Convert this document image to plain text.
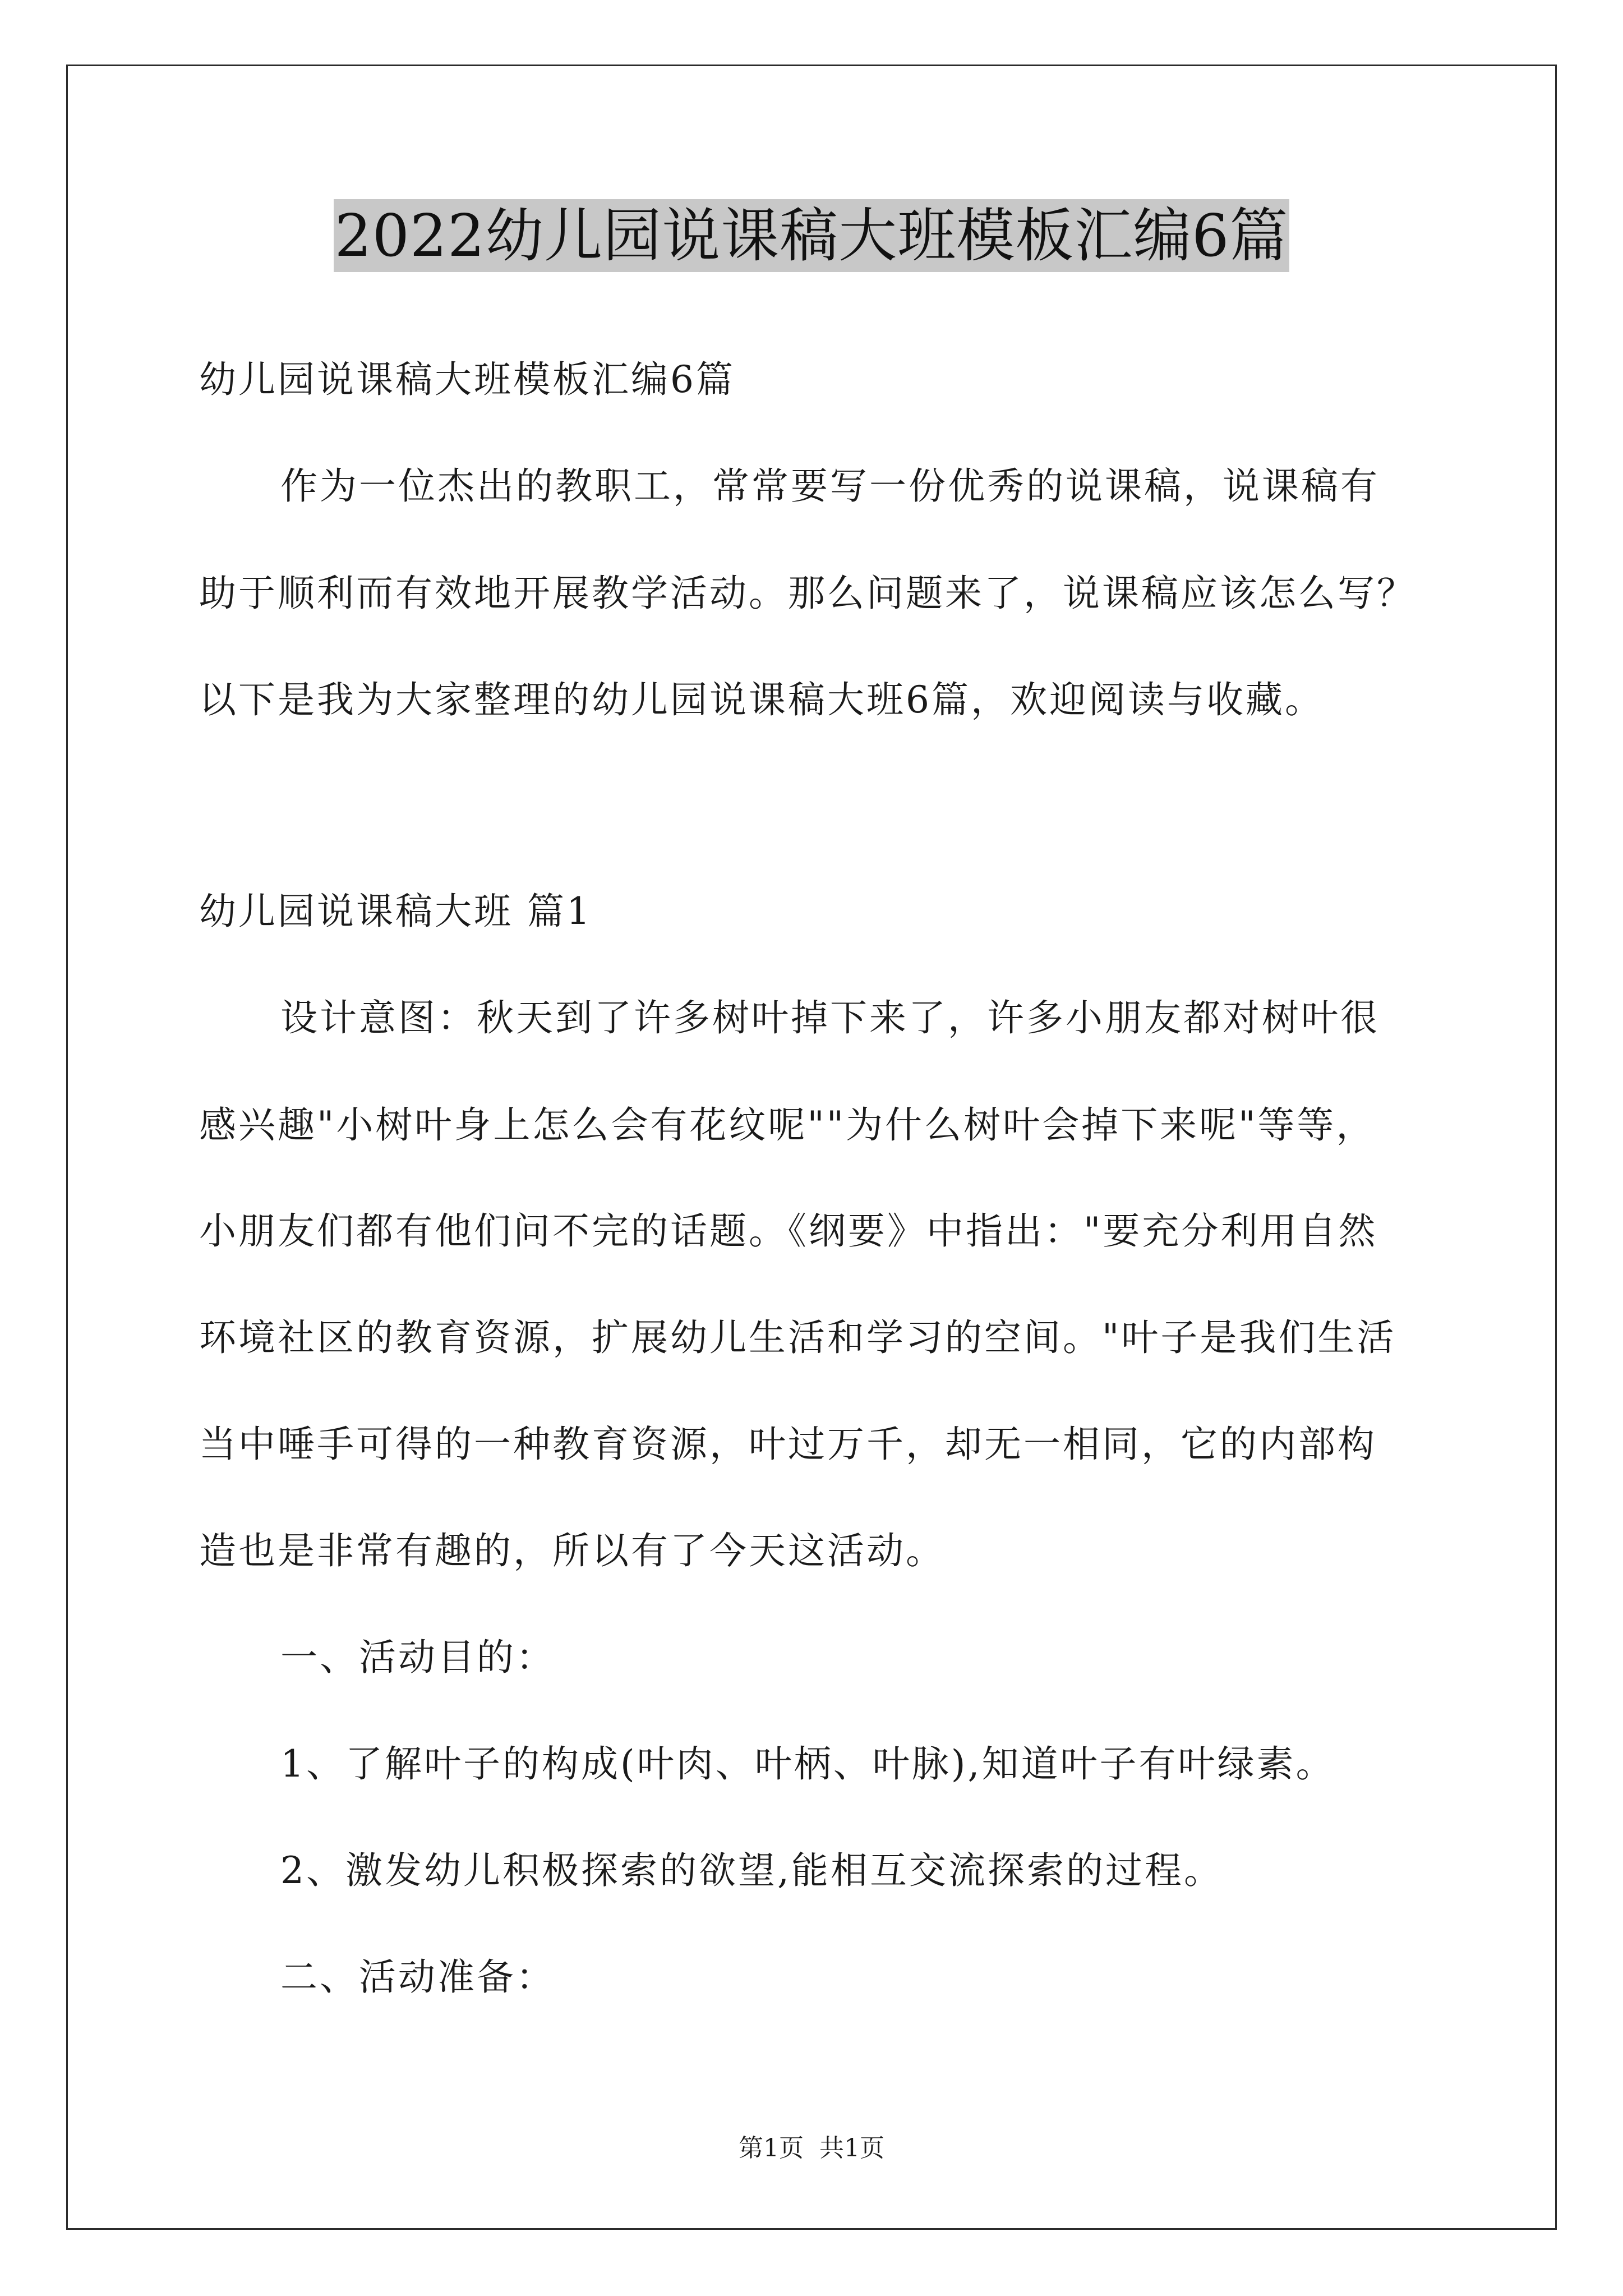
2022幼儿园说课稿大班模板汇编6篇
幼儿园说课稿大班模板汇编6篇
作为一位杰出的教职工，常常要写一份优秀的说课稿，说课稿有
助于顺利而有效地开展教学活动。那么问题来了，说课稿应该怎么写？
以下是我为大家整理的幼儿园说课稿大班6篇，欢迎阅读与收藏。
幼儿园说课稿大班 篇1
设计意图：秋天到了许多树叶掉下来了，许多小朋友都对树叶很
感兴趣"小树叶身上怎么会有花纹呢""为什么树叶会掉下来呢"等等，
小朋友们都有他们问不完的话题。《纲要》中指出："要充分利用自然
环境社区的教育资源，扩展幼儿生活和学习的空间。"叶子是我们生活
当中唾手可得的一种教育资源，叶过万千，却无一相同，它的内部构
造也是非常有趣的，所以有了今天这活动。
一、活动目的：
1、了解叶子的构成(叶肉、叶柄、叶脉),知道叶子有叶绿素。
2、激发幼儿积极探索的欲望,能相互交流探索的过程。
二、活动准备：
第1页 共1页
